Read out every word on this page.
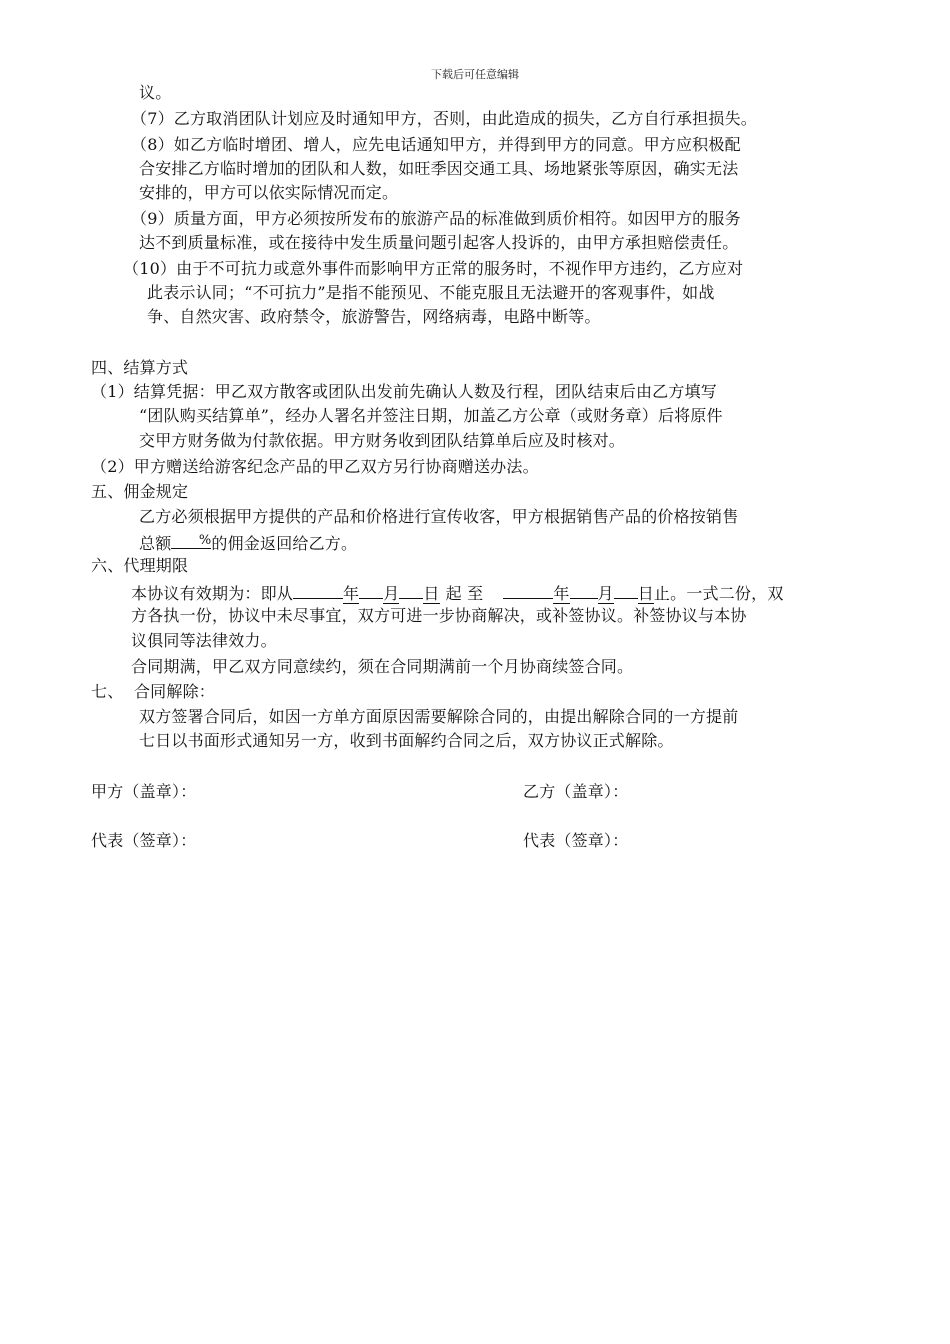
下载后可任意编辑
议。
（7）乙方取消团队计划应及时通知甲方，否则，由此造成的损失，乙方自行承担损失。
（8）如乙方临时增团、增人，应先电话通知甲方，并得到甲方的同意。甲方应积极配
合安排乙方临时增加的团队和人数，如旺季因交通工具、场地紧张等原因，确实无法
安排的，甲方可以依实际情况而定。
（9）质量方面，甲方必须按所发布的旅游产品的标准做到质价相符。如因甲方的服务
达不到质量标准，或在接待中发生质量问题引起客人投诉的，由甲方承担赔偿责任。
（10）由于不可抗力或意外事件而影响甲方正常的服务时，不视作甲方违约，乙方应对
此表示认同；“不可抗力”是指不能预见、不能克服且无法避开的客观事件，如战
争、自然灾害、政府禁令，旅游警告，网络病毒，电路中断等。
四、结算方式
（1）结算凭据：甲乙双方散客或团队出发前先确认人数及行程，团队结束后由乙方填写
“团队购买结算单”，经办人署名并签注日期，加盖乙方公章（或财务章）后将原件
交甲方财务做为付款依据。甲方财务收到团队结算单后应及时核对。
（2）甲方赠送给游客纪念产品的甲乙双方另行协商赠送办法。
五、佣金规定
乙方必须根据甲方提供的产品和价格进行宣传收客，甲方根据销售产品的价格按销售
总额 % 的佣金返回给乙方。
六、代理期限
本协议有效期为：即从	年 月 日 起 至	年 月 日止。一式二份，双
方各执一份，协议中未尽事宜，双方可进一步协商解决，或补签协议。补签协议与本协
议俱同等法律效力。
合同期满，甲乙双方同意续约，须在合同期满前一个月协商续签合同。
七、  合同解除：
双方签署合同后，如因一方单方面原因需要解除合同的，由提出解除合同的一方提前
七日以书面形式通知另一方，收到书面解约合同之后，双方协议正式解除。
甲方（盖章）：	乙方（盖章）：
代表（签章）：	代表（签章）：
